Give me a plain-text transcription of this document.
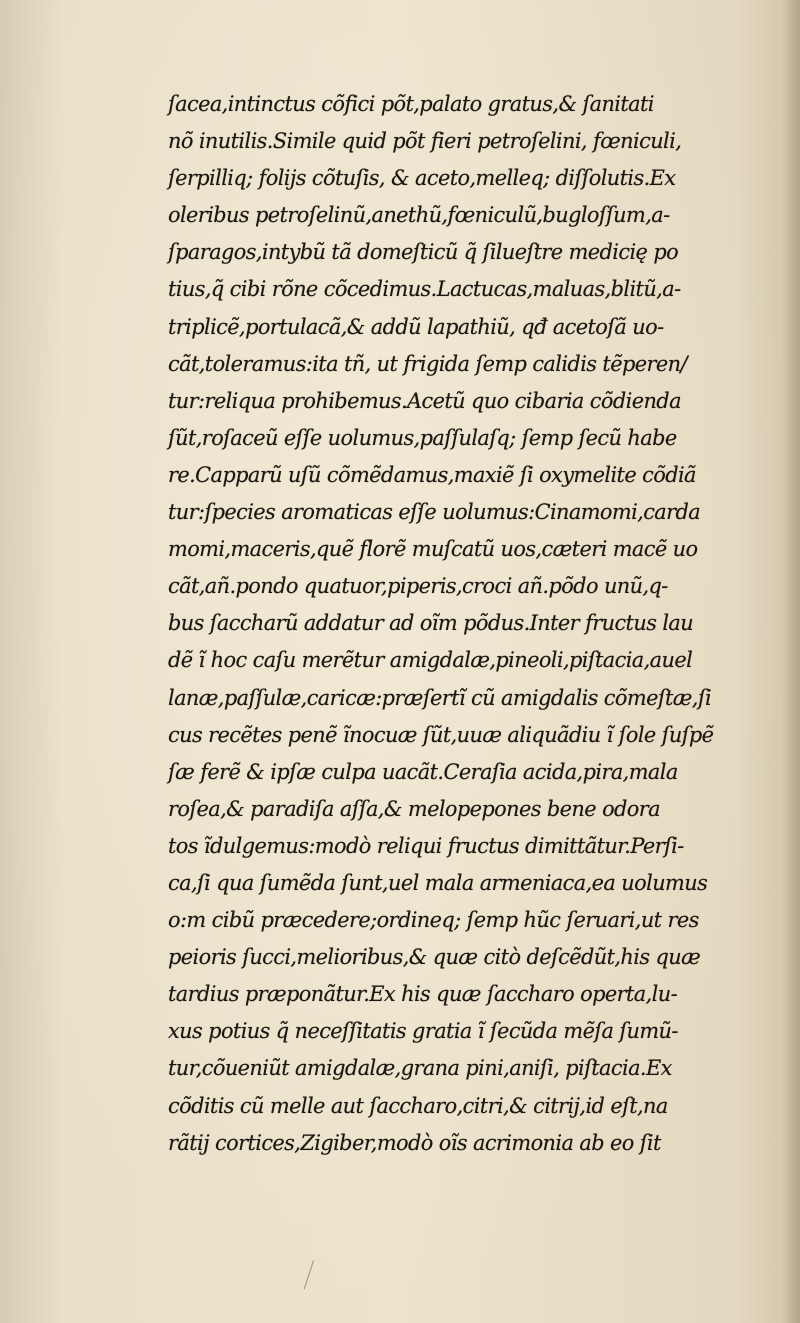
ſacea,intinctus cõfici põt,palato gratus,& ſanitati
nõ inutilis.Simile quid põt fieri petroſelini, fœniculi,
ſerpilliq; folijs cõtuſis, & aceto,melleq; diſſolutis.Ex
oleribus petroſelinũ,anethũ,fœniculũ,bugloſſum,a-
ſparagos,intybũ tã domeſticũ q̃ ſilueſtre medicię po
tius,q̃ cibi rõne cõcedimus.Lactucas,maluas,blitũ,a-
triplicẽ,portulacã,& addũ lapathiũ, qđ acetoſã uo-
cãt,toleramus:ita tñ, ut frigida ſemp calidis tẽperen/
tur:reliqua prohibemus.Acetũ quo cibaria cõdienda
ſũt,roſaceũ eſſe uolumus,paſſulaſq; ſemp ſecũ habe
re.Capparũ uſũ cõmẽdamus,maxiẽ ſi oxymelite cõdiã
tur:ſpecies aromaticas eſſe uolumus:Cinamomi,carda
momi,maceris,quẽ florẽ muſcatũ uos,cæteri macẽ uo
cãt,añ.pondo quatuor,piperis,croci añ.põdo unũ,q-
bus ſaccharũ addatur ad oĩm põdus.Inter fructus lau
dẽ ĩ hoc caſu merẽtur amigdalæ,pineoli,piſtacia,auel
lanæ,paſſulæ,caricæ:præſertĩ cũ amigdalis cõmeſtæ,ſi
cus recẽtes penẽ ĩnocuæ ſũt,uuæ aliquãdiu ĩ ſole ſuſpẽ
ſæ ferẽ & ipſæ culpa uacãt.Ceraſia acida,pira,mala
roſea,& paradiſa aſſa,& melopepones bene odora
tos ĩdulgemus:modò reliqui fructus dimittãtur.Perſi-
ca,ſi qua ſumẽda ſunt,uel mala armeniaca,ea uolumus
o:m cibũ præcedere;ordineq; ſemp hũc ſeruari,ut res
peioris ſucci,melioribus,& quæ citò deſcẽdũt,his quæ
tardius præponãtur.Ex his quæ ſaccharo operta,lu-
xus potius q̃ neceſſitatis gratia ĩ ſecũda mẽſa ſumũ-
tur,cõueniũt amigdalæ,grana pini,aniſi, piſtacia.Ex
cõditis cũ melle aut ſaccharo,citri,& citrij,id eſt,na
rãtij cortices,Zigiber,modò oĩs acrimonia ab eo ſit
